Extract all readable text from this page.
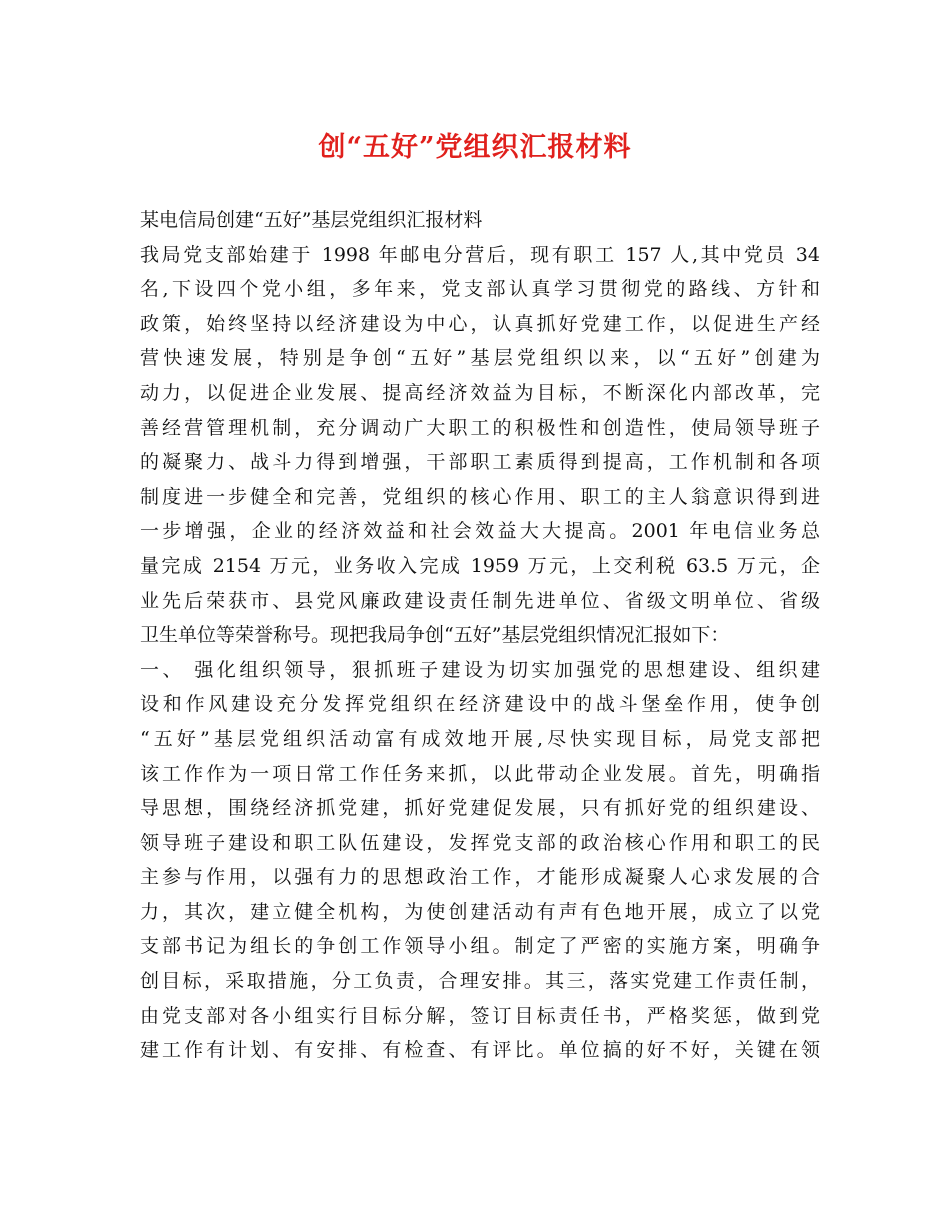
创“五好”党组织汇报材料
某电信局创建“五好”基层党组织汇报材料
我局党支部始建于 1998 年邮电分营后，现有职工 157 人,其中党员 34
名,下设四个党小组，多年来，党支部认真学习贯彻党的路线、方针和
政策，始终坚持以经济建设为中心，认真抓好党建工作，以促进生产经
营快速发展，特别是争创“五好”基层党组织以来，以“五好”创建为
动力，以促进企业发展、提高经济效益为目标，不断深化内部改革，完
善经营管理机制，充分调动广大职工的积极性和创造性，使局领导班子
的凝聚力、战斗力得到增强，干部职工素质得到提高，工作机制和各项
制度进一步健全和完善，党组织的核心作用、职工的主人翁意识得到进
一步增强，企业的经济效益和社会效益大大提高。2001 年电信业务总
量完成 2154 万元，业务收入完成 1959 万元，上交利税 63.5 万元，企
业先后荣获市、县党风廉政建设责任制先进单位、省级文明单位、省级
卫生单位等荣誉称号。现把我局争创“五好”基层党组织情况汇报如下：
一、 强化组织领导，狠抓班子建设为切实加强党的思想建设、组织建
设和作风建设充分发挥党组织在经济建设中的战斗堡垒作用，使争创
“五好”基层党组织活动富有成效地开展,尽快实现目标，局党支部把
该工作作为一项日常工作任务来抓，以此带动企业发展。首先，明确指
导思想，围绕经济抓党建，抓好党建促发展，只有抓好党的组织建设、
领导班子建设和职工队伍建设，发挥党支部的政治核心作用和职工的民
主参与作用，以强有力的思想政治工作，才能形成凝聚人心求发展的合
力，其次，建立健全机构，为使创建活动有声有色地开展，成立了以党
支部书记为组长的争创工作领导小组。制定了严密的实施方案，明确争
创目标，采取措施，分工负责，合理安排。其三，落实党建工作责任制，
由党支部对各小组实行目标分解，签订目标责任书，严格奖惩，做到党
建工作有计划、有安排、有检查、有评比。单位搞的好不好，关键在领
